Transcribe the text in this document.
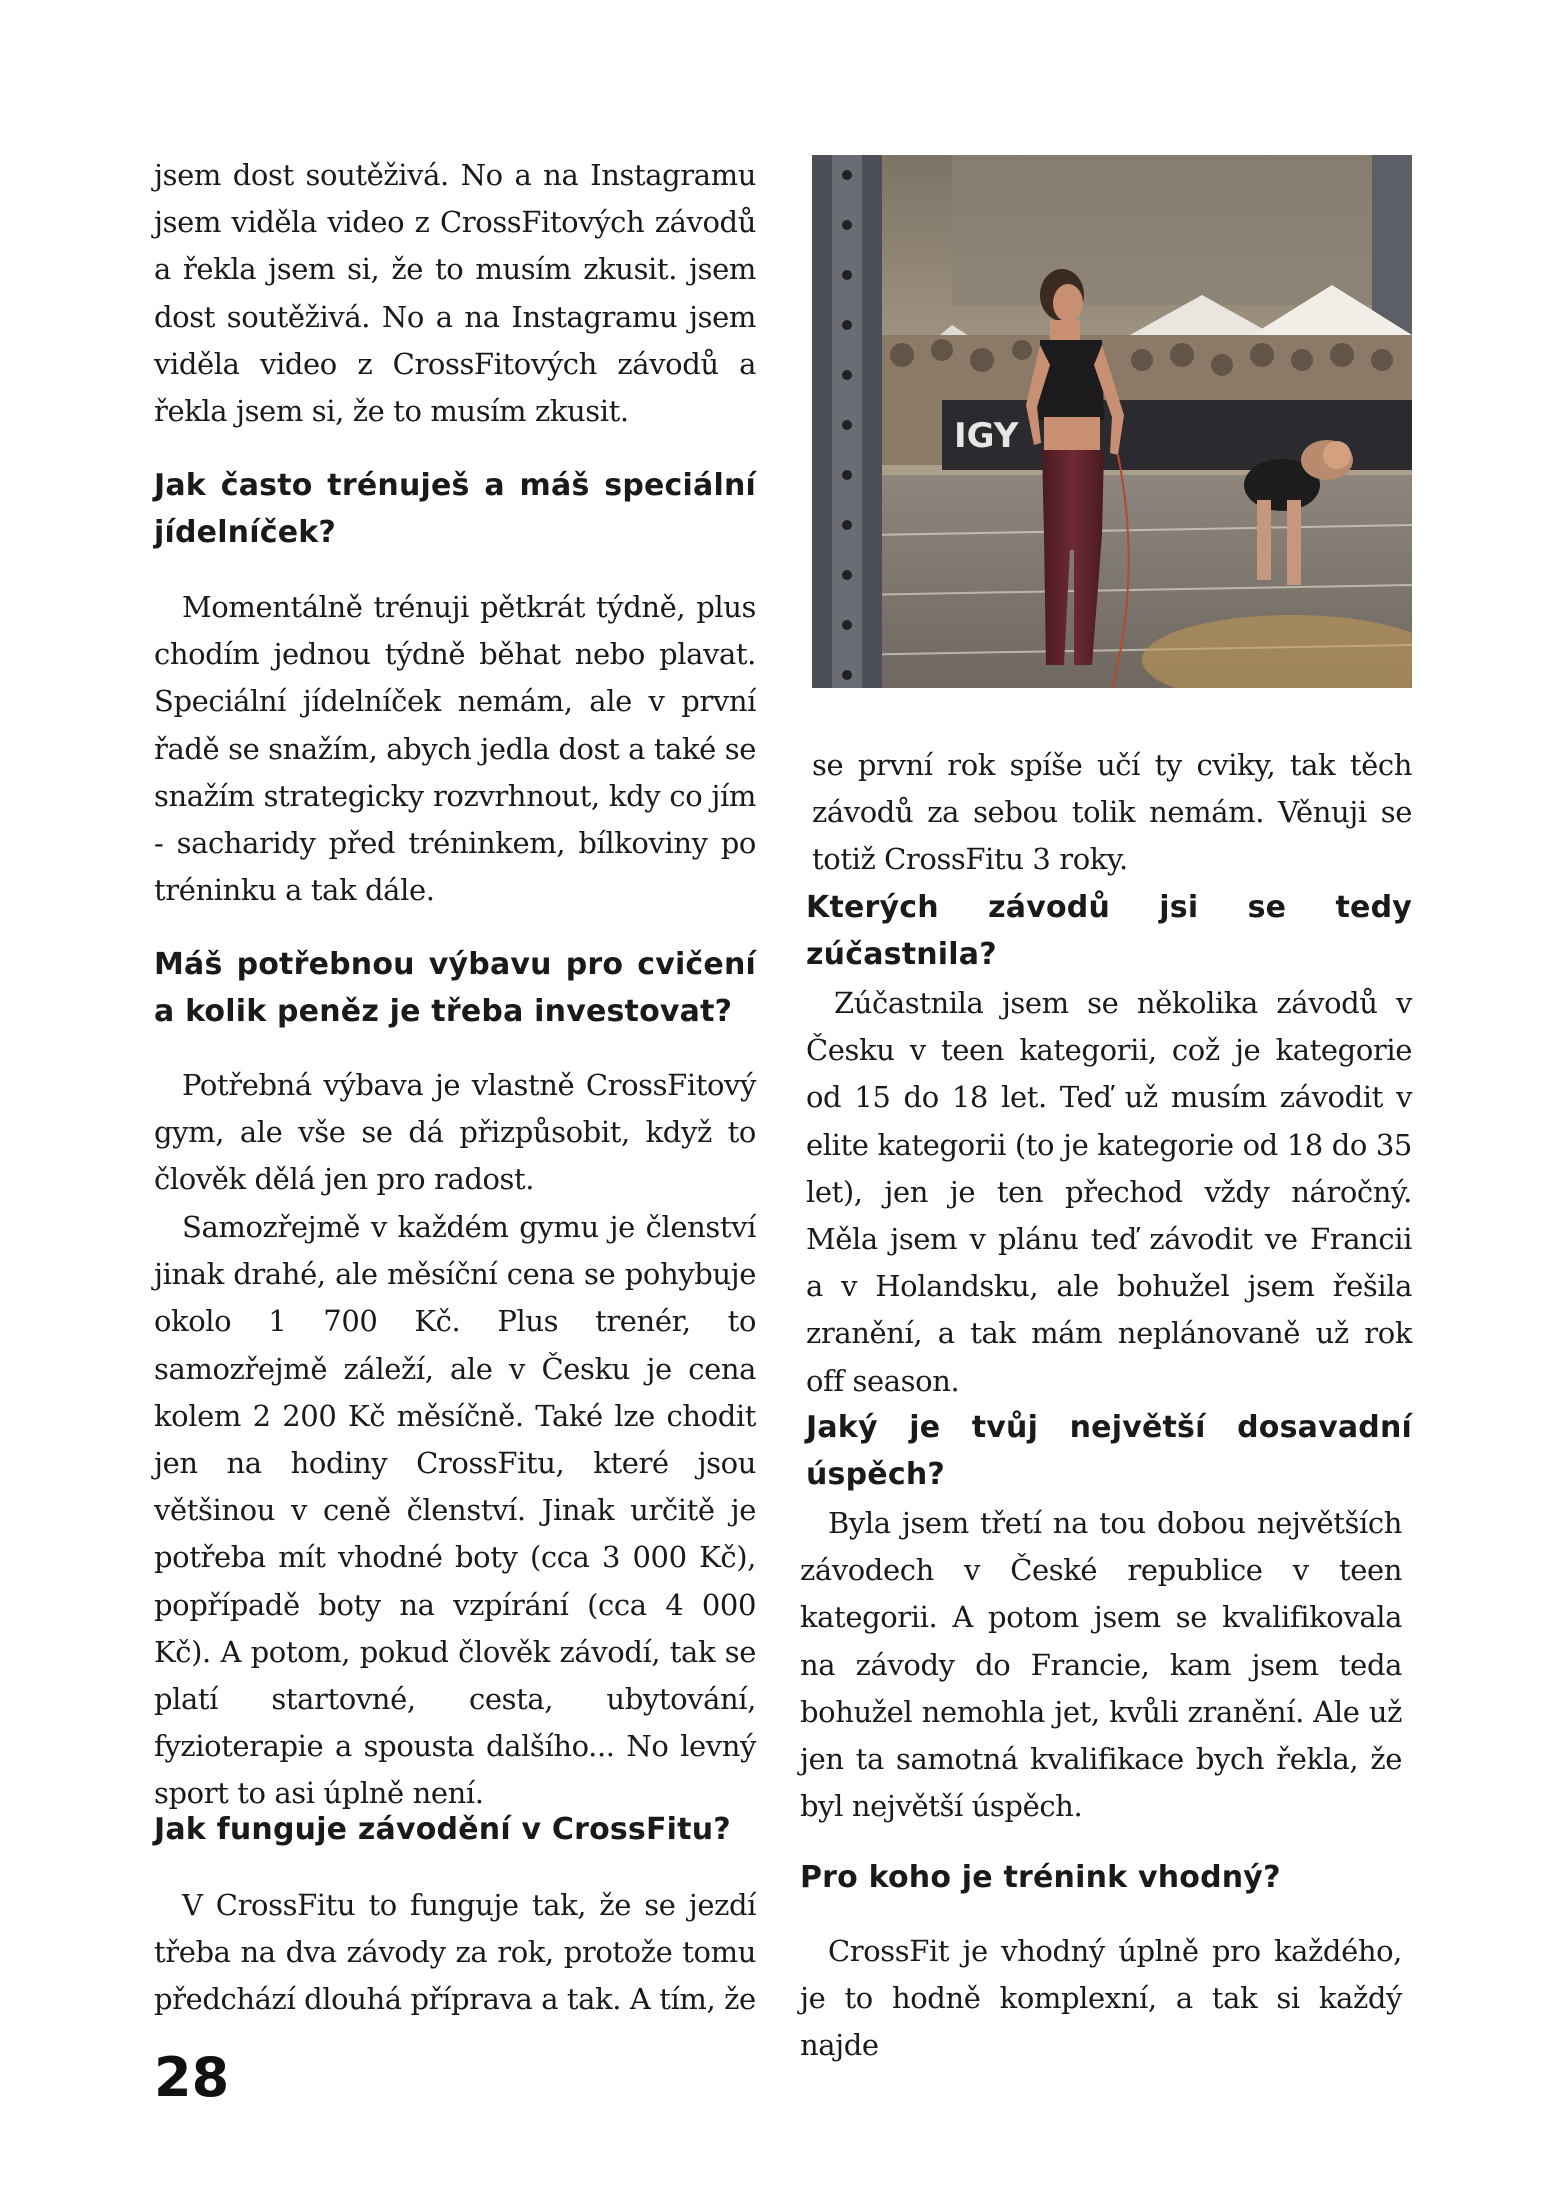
jsem dost soutěživá. No a na Instagramu jsem viděla video z CrossFitových závodů a řekla jsem si, že to musím zkusit. jsem dost soutěživá. No a na Instagramu jsem viděla video z CrossFitových závodů a řekla jsem si, že to musím zkusit.

Jak často trénuješ a máš speciální jídelníček?

Momentálně trénuji pětkrát týdně, plus chodím jednou týdně běhat nebo plavat. Speciální jídelníček nemám, ale v první řadě se snažím, abych jedla dost a také se snažím strategicky rozvrhnout, kdy co jím - sacharidy před tréninkem, bílkoviny po tréninku a tak dále.

Máš potřebnou výbavu pro cvičení a kolik peněz je třeba investovat?

Potřebná výbava je vlastně CrossFitový gym, ale vše se dá přizpůsobit, když to člověk dělá jen pro radost.

Samozřejmě v každém gymu je členství jinak drahé, ale měsíční cena se pohybuje okolo 1 700 Kč. Plus trenér, to samozřejmě záleží, ale v Česku je cena kolem 2 200 Kč měsíčně. Také lze chodit jen na hodiny CrossFitu, které jsou většinou v ceně členství. Jinak určitě je potřeba mít vhodné boty (cca 3 000 Kč), popřípadě boty na vzpírání (cca 4 000 Kč). A potom, pokud člověk závodí, tak se platí startovné, cesta, ubytování, fyzioterapie a spousta dalšího... No levný sport to asi úplně není.

Jak funguje závodění v CrossFitu?

V CrossFitu to funguje tak, že se jezdí třeba na dva závody za rok, protože tomu předchází dlouhá příprava a tak. A tím, že

28
IGY

se první rok spíše učí ty cviky, tak těch závodů za sebou tolik nemám. Věnuji se totiž CrossFitu 3 roky.

Kterých závodů jsi se tedy zúčastnila?

Zúčastnila jsem se několika závodů v Česku v teen kategorii, což je kategorie od 15 do 18 let. Teď už musím závodit v elite kategorii (to je kategorie od 18 do 35 let), jen je ten přechod vždy náročný. Měla jsem v plánu teď závodit ve Francii a v Holandsku, ale bohužel jsem řešila zranění, a tak mám neplánovaně už rok off season.

Jaký je tvůj největší dosavadní úspěch?

Byla jsem třetí na tou dobou největších závodech v České republice v teen kategorii. A potom jsem se kvalifikovala na závody do Francie, kam jsem teda bohužel nemohla jet, kvůli zranění. Ale už jen ta samotná kvalifikace bych řekla, že byl největší úspěch.

Pro koho je trénink vhodný?

CrossFit je vhodný úplně pro každého, je to hodně komplexní, a tak si každý najde
